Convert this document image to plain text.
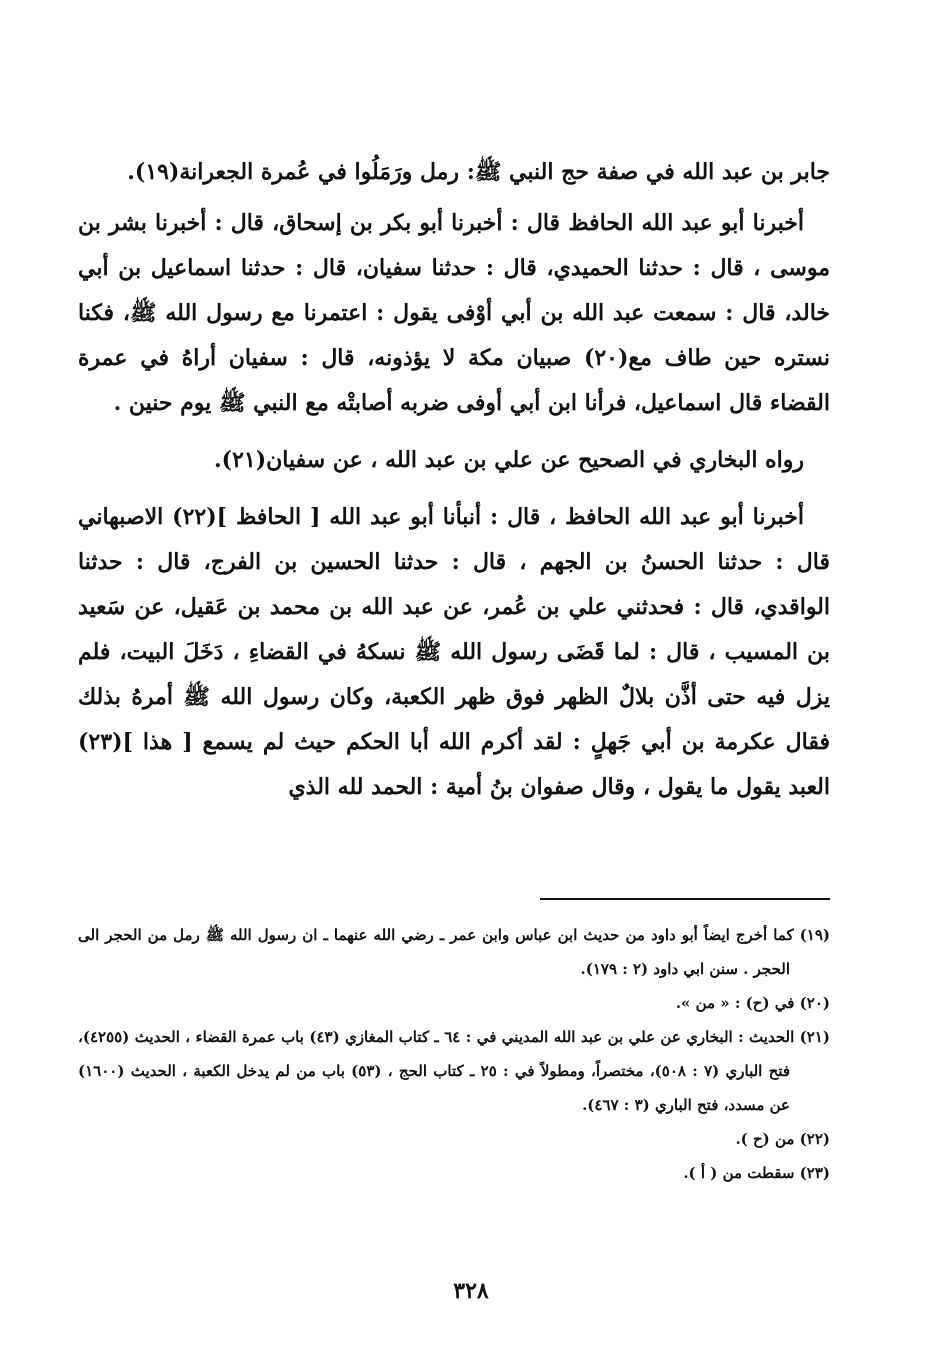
جابر بن عبد الله في صفة حج النبي ﷺ: رمل ورَمَلُوا في عُمرة الجعرانة(١٩).

أخبرنا أبو عبد الله الحافظ قال : أخبرنا أبو بكر بن إسحاق، قال : أخبرنا بشر بن موسى ، قال : حدثنا الحميدي، قال : حدثنا سفيان، قال : حدثنا اسماعيل بن أبي خالد، قال : سمعت عبد الله بن أبي أوْفى يقول : اعتمرنا مع رسول الله ﷺ، فكنا نستره حين طاف مع(٢٠) صبيان مكة لا يؤذونه، قال : سفيان أراهُ في عمرة القضاء قال اسماعيل، فرأنا ابن أبي أوفى ضربه أصابتْه مع النبي ﷺ يوم حنين .

رواه البخاري في الصحيح عن علي بن عبد الله ، عن سفيان(٢١).

أخبرنا أبو عبد الله الحافظ ، قال : أنبأنا أبو عبد الله [ الحافظ ](٢٢) الاصبهاني قال : حدثنا الحسنُ بن الجهم ، قال : حدثنا الحسين بن الفرج، قال : حدثنا الواقدي، قال : فحدثني علي بن عُمر، عن عبد الله بن محمد بن عَقيل، عن سَعيد بن المسيب ، قال : لما قَضَى رسول الله ﷺ نسكهُ في القضاءِ ، دَخَلَ البيت، فلم يزل فيه حتى أذَّن بلالٌ الظهر فوق ظهر الكعبة، وكان رسول الله ﷺ أمرهُ بذلك فقال عكرمة بن أبي جَهلٍ : لقد أكرم الله أبا الحكم حيث لم يسمع [ هذا ](٢٣) العبد يقول ما يقول ، وقال صفوان بنُ أمية : الحمد لله الذي

(١٩) كما أخرج ايضاً أبو داود من حديث ابن عباس وابن عمر ـ رضي الله عنهما ـ ان رسول الله ﷺ رمل من الحجر الى الحجر . سنن ابي داود (٢ : ١٧٩).

(٢٠) في (ح) : « من ».

(٢١) الحديث : البخاري عن علي بن عبد الله المديني في : ٦٤ ـ كتاب المغازي (٤٣) باب عمرة القضاء ، الحديث (٤٢٥٥)، فتح الباري (٧ : ٥٠٨)، مختصراً، ومطولاً في : ٢٥ ـ كتاب الحج ، (٥٣) باب من لم يدخل الكعبة ، الحديث (١٦٠٠) عن مسدد، فتح الباري (٣ : ٤٦٧).

(٢٢) من (ح ).

(٢٣) سقطت من ( أ ).

٣٢٨
